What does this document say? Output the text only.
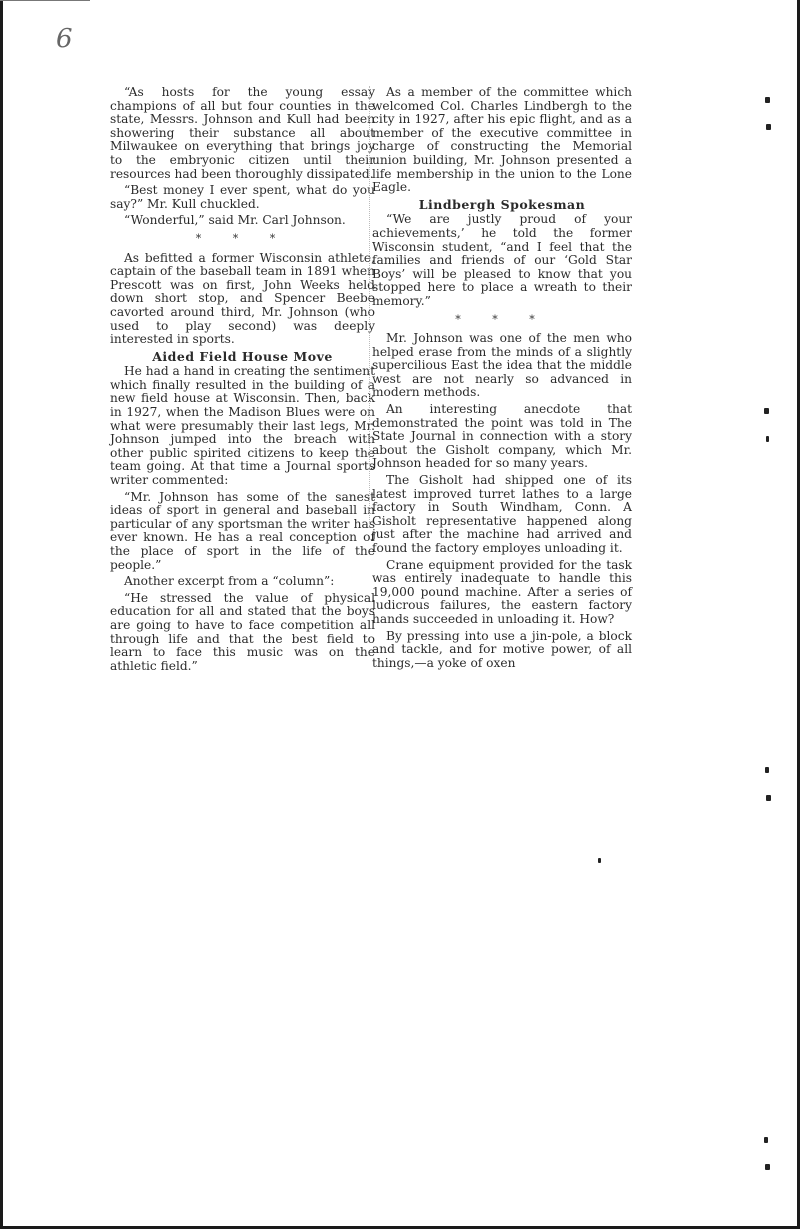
6

“As hosts for the young essay champions of all but four counties in the state, Messrs. Johnson and Kull had been showering their substance all about Milwaukee on everything that brings joy to the embryonic citizen until their resources had been thoroughly dissipated.

“Best money I ever spent, what do you say?” Mr. Kull chuckled.

“Wonderful,” said Mr. Carl Johnson.

* * *

As befitted a former Wisconsin athlete, captain of the baseball team in 1891 when Prescott was on first, John Weeks held down short stop, and Spencer Beebe cavorted around third, Mr. Johnson (who used to play second) was deeply interested in sports.

Aided Field House Move

He had a hand in creating the sentiment which finally resulted in the building of a new field house at Wisconsin. Then, back in 1927, when the Madison Blues were on what were presumably their last legs, Mr. Johnson jumped into the breach with other public spirited citizens to keep the team going. At that time a Journal sports writer commented:

“Mr. Johnson has some of the sanest ideas of sport in general and baseball in particular of any sportsman the writer has ever known. He has a real conception of the place of sport in the life of the people.”

Another excerpt from a “column”:

“He stressed the value of physical education for all and stated that the boys are going to have to face competition all through life and that the best field to learn to face this music was on the athletic field.”

As a member of the committee which welcomed Col. Charles Lindbergh to the city in 1927, after his epic flight, and as a member of the executive committee in charge of constructing the Memorial union building, Mr. Johnson presented a life membership in the union to the Lone Eagle.

Lindbergh Spokesman

“We are justly proud of your achievements,’ he told the former Wisconsin student, “and I feel that the families and friends of our ‘Gold Star Boys’ will be pleased to know that you stopped here to place a wreath to their memory.”

* * *

Mr. Johnson was one of the men who helped erase from the minds of a slightly supercilious East the idea that the middle west are not nearly so advanced in modern methods.

An interesting anecdote that demonstrated the point was told in The State Journal in connection with a story about the Gisholt company, which Mr. Johnson headed for so many years.

The Gisholt had shipped one of its latest improved turret lathes to a large factory in South Windham, Conn. A Gisholt representative happened along just after the machine had arrived and found the factory employes unloading it.

Crane equipment provided for the task was entirely inadequate to handle this 19,000 pound machine. After a series of ludicrous failures, the eastern factory hands succeeded in unloading it. How?

By pressing into use a jin-pole, a block and tackle, and for motive power, of all things,—a yoke of oxen
